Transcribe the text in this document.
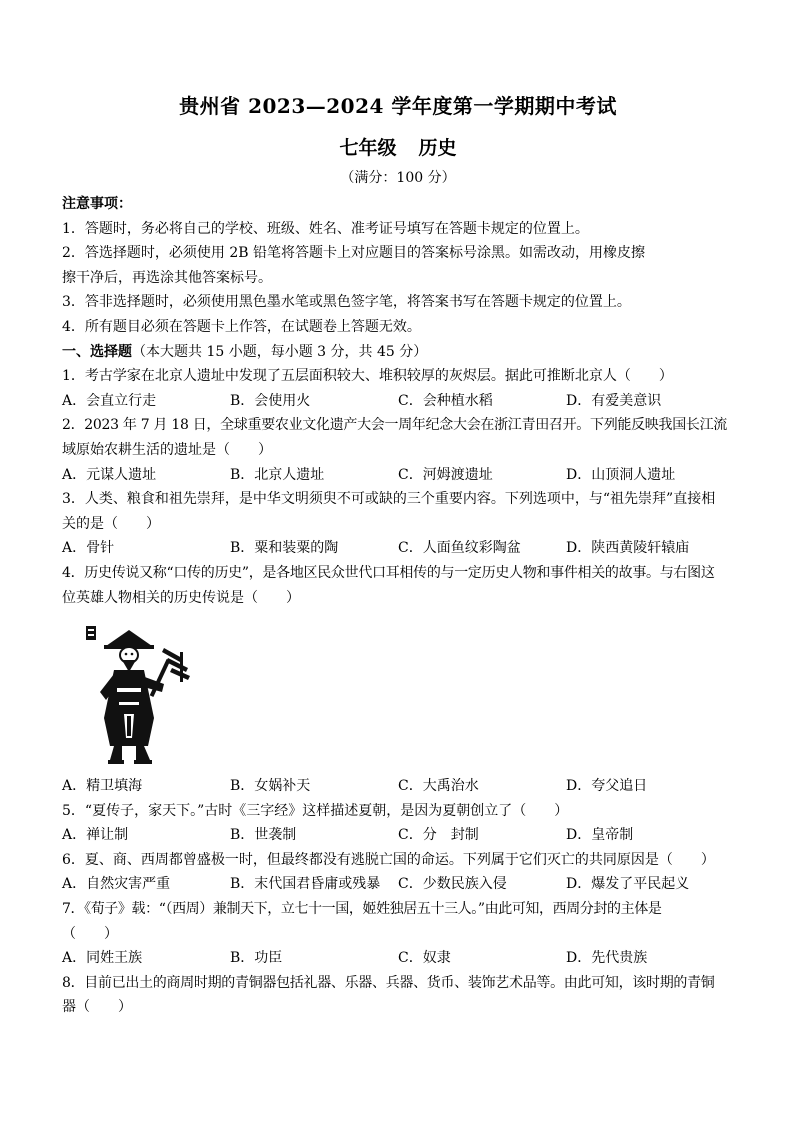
贵州省 2023—2024 学年度第一学期期中考试
七年级 历史
（满分：100 分）
注意事项：
1．答题时，务必将自己的学校、班级、姓名、准考证号填写在答题卡规定的位置上。
2．答选择题时，必须使用 2B 铅笔将答题卡上对应题目的答案标号涂黑。如需改动，用橡皮擦
擦干净后，再选涂其他答案标号。
3．答非选择题时，必须使用黑色墨水笔或黑色签字笔，将答案书写在答题卡规定的位置上。
4．所有题目必须在答题卡上作答，在试题卷上答题无效。
一、选择题（本大题共 15 小题，每小题 3 分，共 45 分）
1．考古学家在北京人遗址中发现了五层面积较大、堆积较厚的灰烬层。据此可推断北京人（　　）
A．会直立行走	B．会使用火	C．会种植水稻	D．有爱美意识
2．2023 年 7 月 18 日，全球重要农业文化遗产大会一周年纪念大会在浙江青田召开。下列能反映我国长江流
域原始农耕生活的遗址是（　　）
A．元谋人遗址	B．北京人遗址	C．河姆渡遗址	D．山顶洞人遗址
3．人类、粮食和祖先崇拜，是中华文明须臾不可或缺的三个重要内容。下列选项中，与“祖先崇拜”直接相
关的是（　　）
A．骨针	B．粟和装粟的陶	C．人面鱼纹彩陶盆	D．陕西黄陵轩辕庙
4．历史传说又称“口传的历史”，是各地区民众世代口耳相传的与一定历史人物和事件相关的故事。与右图这
位英雄人物相关的历史传说是（　　）
A．精卫填海	B．女娲补天	C．大禹治水	D．夸父追日
5．“夏传子，家天下。”古时《三字经》这样描述夏朝，是因为夏朝创立了（　　）
A．禅让制	B．世袭制	C．分　封制	D．皇帝制
6．夏、商、西周都曾盛极一时，但最终都没有逃脱亡国的命运。下列属于它们灭亡的共同原因是（　　）
A．自然灾害严重	B．末代国君昏庸或残暴	C．少数民族入侵	D．爆发了平民起义
7．《荀子》载：“（西周）兼制天下，立七十一国，姬姓独居五十三人。”由此可知，西周分封的主体是
（　　）
A．同姓王族	B．功臣	C．奴隶	D．先代贵族
8．目前已出土的商周时期的青铜器包括礼器、乐器、兵器、货币、装饰艺术品等。由此可知，该时期的青铜
器（　　）
